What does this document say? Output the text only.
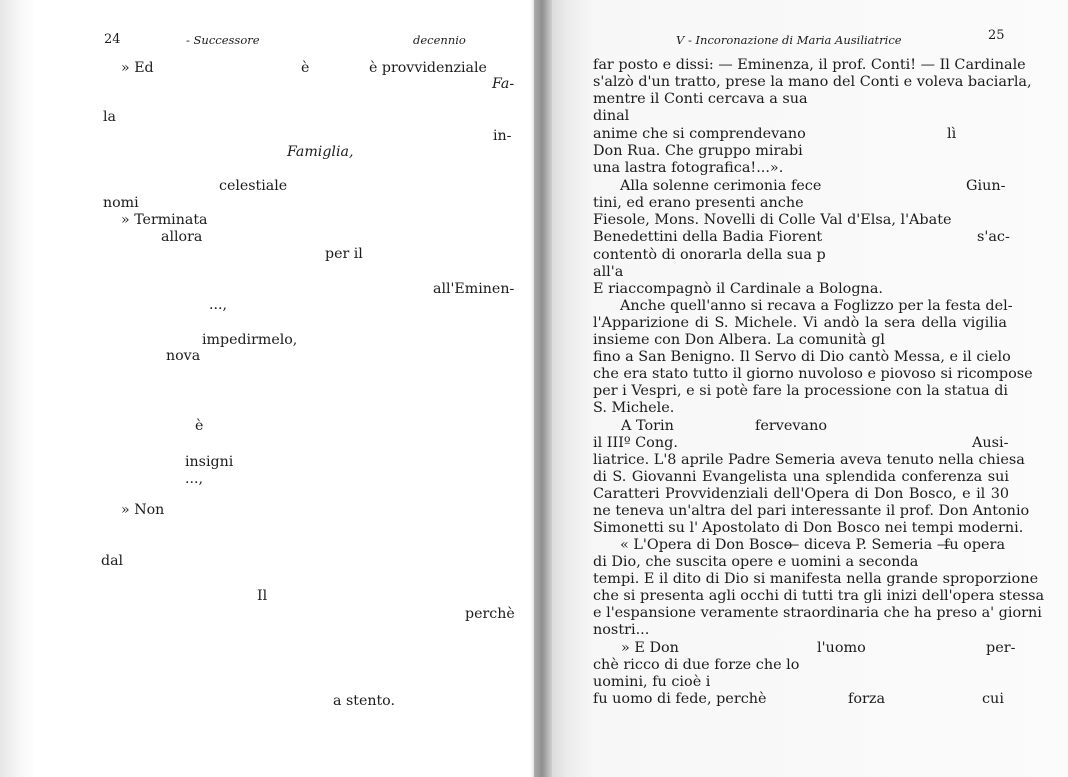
24	- Successore	decennio
» Ed	è	è provvidenziale
Fa-
la
in-
Famiglia,
celestiale
nomi
» Terminata
allora
per il
all'Eminen-
...,
impedirmelo,
nova
è
insigni
...,
» Non
dal
Il
perchè
a stento.
V - Incoronazione di Maria Ausiliatrice	25
far posto e dissi: — Eminenza, il prof. Conti! — Il Cardinale
s'alzò d'un tratto, prese la mano del Conti e voleva baciarla,
mentre il Conti cercava a sua
dinal
anime che si comprendevano	lì
Don Rua. Che gruppo mirabi
una lastra fotografica!...».
Alla solenne cerimonia fece	Giun-
tini, ed erano presenti anche
Fiesole, Mons. Novelli di Colle Val d'Elsa, l'Abate
Benedettini della Badia Fiorent	s'ac-
contentò di onorarla della sua p
all'a
E riaccompagnò il Cardinale a Bologna.
Anche quell'anno si recava a Foglizzo per la festa del-
l'Apparizione di S. Michele. Vi andò la sera della vigilia
insieme con Don Albera. La comunità gl
fino a San Benigno. Il Servo di Dio cantò Messa, e il cielo
che era stato tutto il giorno nuvoloso e piovoso si ricompose
per i Vespri, e si potè fare la processione con la statua di
S. Michele.
A Torin	fervevano
il IIIº Cong.	Ausi-
liatrice. L'8 aprile Padre Semeria aveva tenuto nella chiesa
di S. Giovanni Evangelista una splendida conferenza sui
Caratteri Provvidenziali dell'Opera di Don Bosco, e il 30
ne teneva un'altra del pari interessante il prof. Don Antonio
Simonetti su l' Apostolato di Don Bosco nei tempi moderni.
« L'Opera di Don Bosco
— diceva P. Semeria —
fu opera
di Dio, che suscita opere e uomini a seconda
tempi. E il dito di Dio si manifesta nella grande sproporzione
che si presenta agli occhi di tutti tra gli inizi dell'opera stessa
e l'espansione veramente straordinaria che ha preso a' giorni
nostri...
» E Don	l'uomo	per-
chè ricco di due forze che lo
uomini, fu cioè i
fu uomo di fede, perchè	forza	cui
